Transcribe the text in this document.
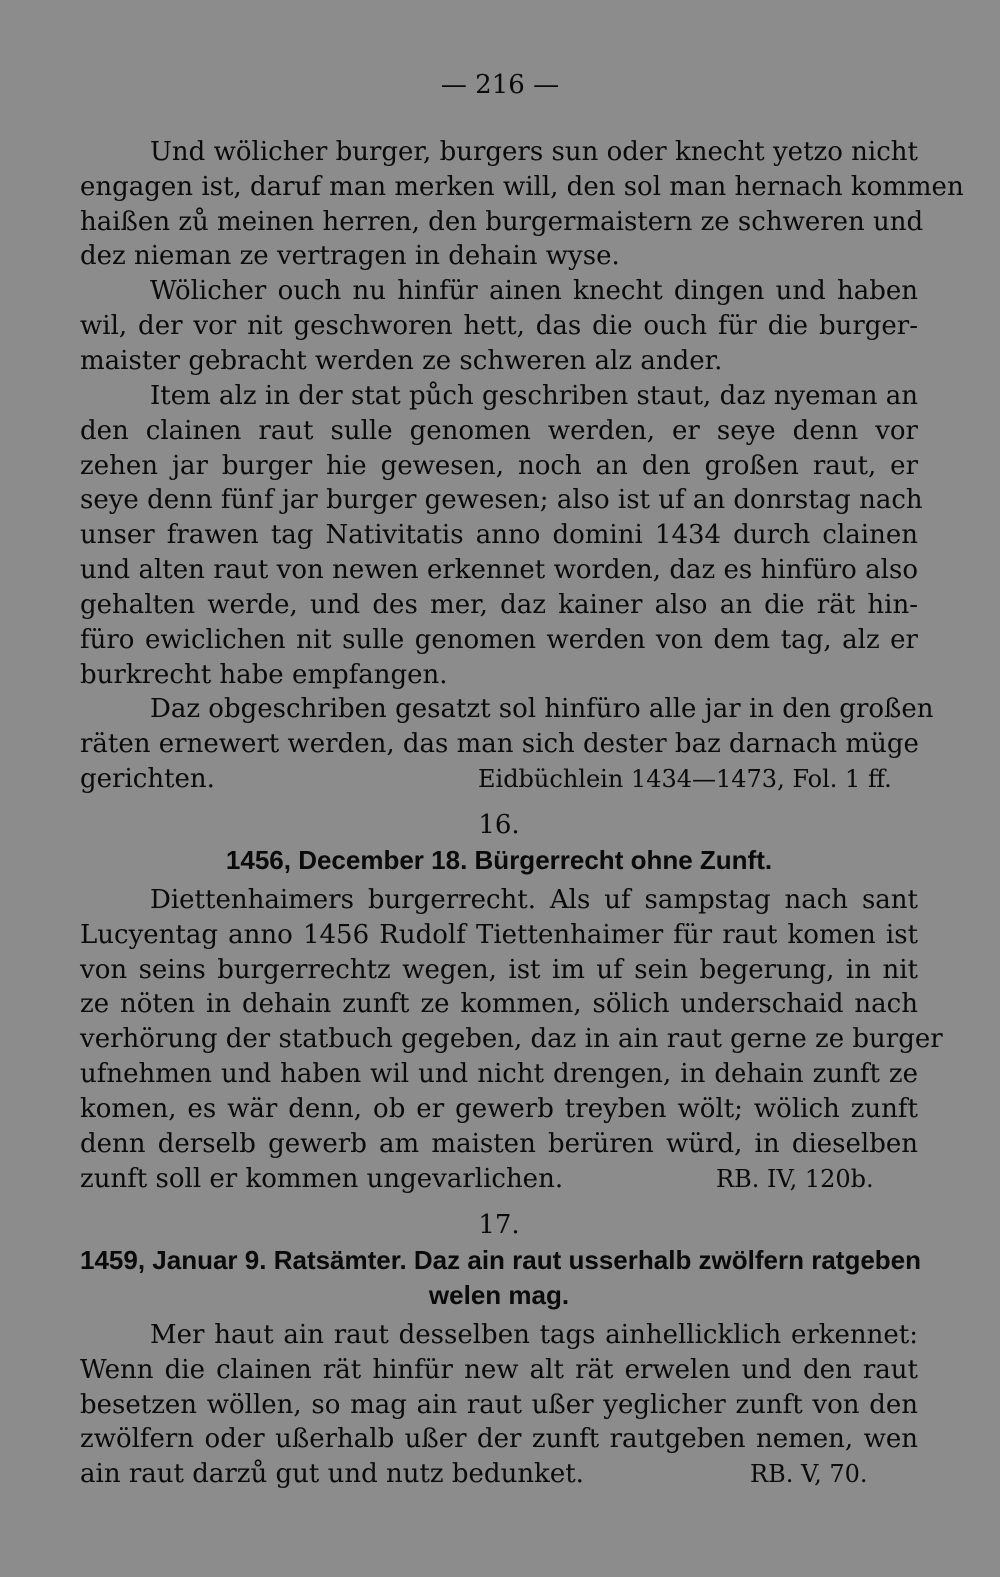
— 216 —
Und wölicher burger, burgers sun oder knecht yetzo nicht
engagen ist, daruf man merken will, den sol man hernach kommen
haißen zů meinen herren, den burgermaistern ze schweren und
dez nieman ze vertragen in dehain wyse.
Wölicher ouch nu hinfür ainen knecht dingen und haben
wil, der vor nit geschworen hett, das die ouch für die burger-
maister gebracht werden ze schweren alz ander.
Item alz in der stat půch geschriben staut, daz nyeman an
den clainen raut sulle genomen werden, er seye denn vor
zehen jar burger hie gewesen, noch an den großen raut, er
seye denn fünf jar burger gewesen; also ist uf an donrstag nach
unser frawen tag Nativitatis anno domini 1434 durch clainen
und alten raut von newen erkennet worden, daz es hinfüro also
gehalten werde, und des mer, daz kainer also an die rät hin-
füro ewiclichen nit sulle genomen werden von dem tag, alz er
burkrecht habe empfangen.
Daz obgeschriben gesatzt sol hinfüro alle jar in den großen
räten ernewert werden, das man sich dester baz darnach müge
gerichten.	Eidbüchlein 1434—1473, Fol. 1 ff.
16.
1456, December 18. Bürgerrecht ohne Zunft.
Diettenhaimers burgerrecht. Als uf sampstag nach sant
Lucyentag anno 1456 Rudolf Tiettenhaimer für raut komen ist
von seins burgerrechtz wegen, ist im uf sein begerung, in nit
ze nöten in dehain zunft ze kommen, sölich underschaid nach
verhörung der statbuch gegeben, daz in ain raut gerne ze burger
ufnehmen und haben wil und nicht drengen, in dehain zunft ze
komen, es wär denn, ob er gewerb treyben wölt; wölich zunft
denn derselb gewerb am maisten berüren würd, in dieselben
zunft soll er kommen ungevarlichen.	RB. IV, 120b.
17.
1459, Januar 9. Ratsämter. Daz ain raut usserhalb zwölfern ratgeben
welen mag.
Mer haut ain raut desselben tags ainhellicklich erkennet:
Wenn die clainen rät hinfür new alt rät erwelen und den raut
besetzen wöllen, so mag ain raut ußer yeglicher zunft von den
zwölfern oder ußerhalb ußer der zunft rautgeben nemen, wen
ain raut darzů gut und nutz bedunket.	RB. V, 70.
